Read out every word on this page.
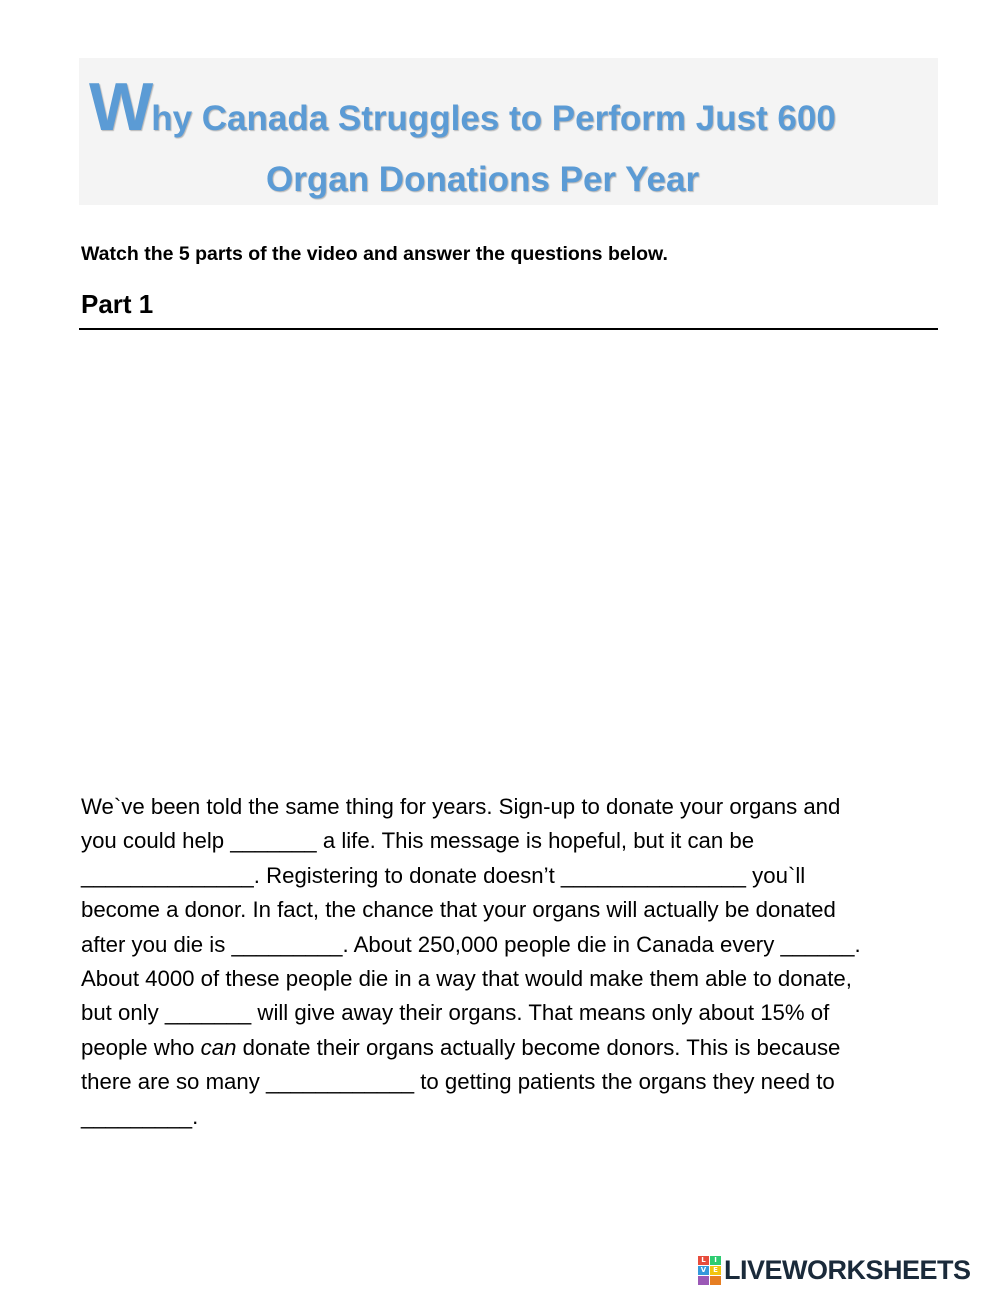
Why Canada Struggles to Perform Just 600
Organ Donations Per Year
Watch the 5 parts of the video and answer the questions below.
Part 1
We`ve been told the same thing for years. Sign-up to donate your organs and
you could help _______ a life. This message is hopeful, but it can be
______________. Registering to donate doesn’t _______________ you`ll
become a donor. In fact, the chance that your organs will actually be donated
after you die is _________. About 250,000 people die in Canada every ______.
About 4000 of these people die in a way that would make them able to donate,
but only _______ will give away their organs. That means only about 15% of
people who can donate their organs actually become donors. This is because
there are so many ____________ to getting patients the organs they need to
_________.
L	I
V E LIVEWORKSHEETS
